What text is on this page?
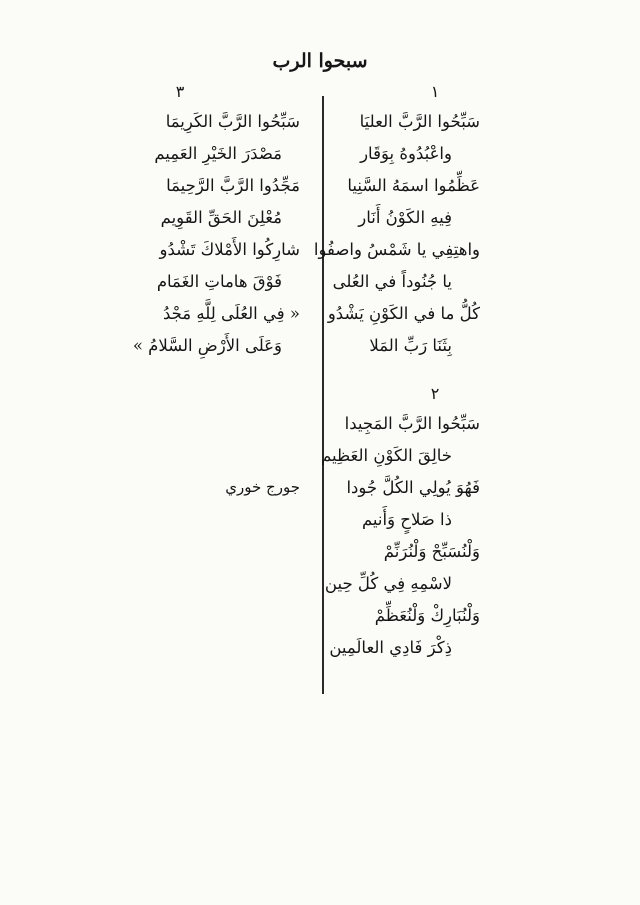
سبحوا الرب
١
سَبِّحُوا الرَّبَّ العليَا
واعْبُدُوهُ بِوَقَار
عَظِّمُوا اسمَهُ السَّنِيا
فِيهِ الكَوْنُ أَنَار
واهتِفِي يا شَمْسُ واصفُوا
يا جُنُوداً في العُلى
كُلُّ ما في الكَوْنِ يَشْدُو
بِثَنَا رَبِّ المَلا
٢
سَبِّحُوا الرَّبَّ المَجِيدا
خالِقَ الكَوْنِ العَظِيم
فَهُوَ يُولِي الكُلَّ جُودا
ذا صَلاحٍ وَأَنيم
وَلْنُسَبِّحْ وَلْنُرَنِّمْ
لاسْمِهِ فِي كُلِّ حِين
وَلْنُبَارِكْ وَلْنُعَظِّمْ
ذِكْرَ فَادِي العالَمِين
٣
سَبِّحُوا الرَّبَّ الكَرِيمَا
مَصْدَرَ الخَيْرِ العَمِيم
مَجِّدُوا الرَّبَّ الرَّحِيمَا
مُعْلِنَ الحَقِّ القَوِيم
شارِكُوا الأَمْلاكَ تَشْدُو
فَوْقَ هاماتِ الغَمَام
« فِي العُلَى لِلَّهِ مَجْدُ
وَعَلَى الأَرْضِ السَّلامُ »
جورج خوري
